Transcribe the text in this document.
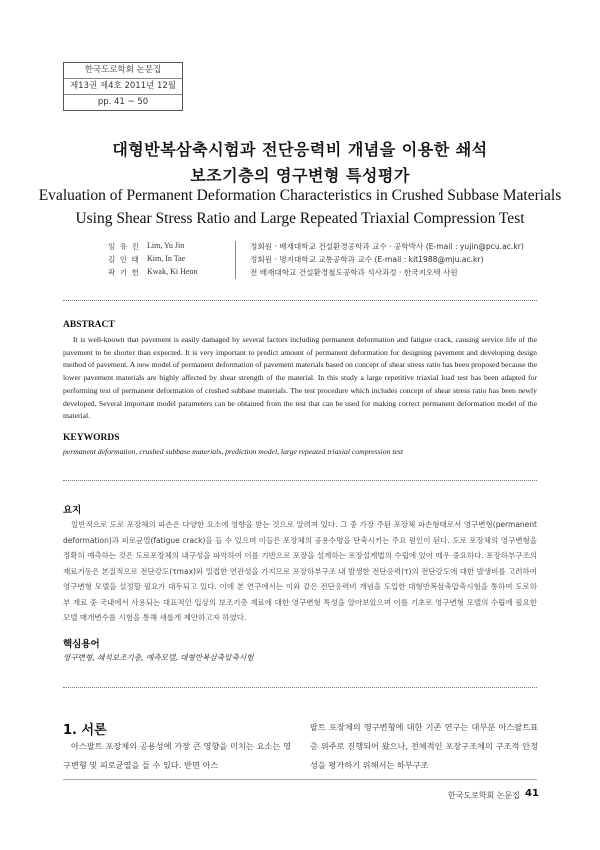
한국도로학회 논문집
제13권 제4호 2011년 12월
pp. 41 ~ 50
대형반복삼축시험과 전단응력비 개념을 이용한 쇄석
보조기층의 영구변형 특성평가
Evaluation of Permanent Deformation Characteristics in Crushed Subbase Materials
Using Shear Stress Ratio and Large Repeated Triaxial Compression Test
임 유 진 Lim, Yu Jin	정회원 · 배재대학교 건설환경공학과 교수 · 공학박사 (E-mail : yujin@pcu.ac.kr)
김 인 태 Kim, In Tae	정회원 · 명지대학교 교통공학과 교수 (E-mail : kit1988@mju.ac.kr)
곽 기 헌 Kwak, Ki Heon	전 배재대학교 건설환경철도공학과 석사과정 · 한국지오텍 사원
ABSTRACT
It is well-known that pavement is easily damaged by several factors including permanent deformation and fatigue crack, causing service life of the pavement to be shorter than expected. It is very important to predict amount of permanent deformation for designing pavement and developing design method of pavement. A new model of permanent deformation of pavement materials based on concept of shear stress ratio has been proposed because the lower pavement materials are highly affected by shear strength of the material. In this study a large repetitive triaxial load test has been adapted for performing test of permanent deformation of crushed subbase materials. The test procedure which includes concept of shear stress ratio has been newly developed. Several important model parameters can be obtained from the test that can be used for making correct permanent deformation model of the material.
KEYWORDS
permanent deformation, crushed subbase materials, prediction model, large repeated triaxial compression test
요지
일반적으로 도로 포장체의 파손은 다양한 요소에 영향을 받는 것으로 알려져 있다. 그 중 가장 주된 포장체 파손형태로서 영구변형(permanent deformation)과 피로균열(fatigue crack)을 들 수 있으며 이들은 포장체의 공용수명을 단축시키는 주요 원인이 된다. 도로 포장체의 영구변형을 정확히 예측하는 것은 도로포장체의 내구성을 파악하여 이를 기반으로 포장을 설계하는 포장설계법의 수립에 있어 매우 중요하다. 포장하부구조의 재료거동은 본질적으로 전단강도(τmax)와 밀접한 연관성을 가지므로 포장하부구조 내 발생한 전단응력(τ)의 전단강도에 대한 발생비를 고려하여 영구변형 모델을 설정할 필요가 대두되고 있다. 이에 본 연구에서는 이와 같은 전단응력비 개념을 도입한 대형반복삼축압축시험을 통하여 도로하부 재료 중 국내에서 사용되는 대표적인 입상의 보조기층 재료에 대한 영구변형 특성을 알아보았으며 이를 기초로 영구변형 모델의 수립에 필요한 모델 매개변수를 시험을 통해 새롭게 제안하고자 하였다.
핵심용어
영구변형, 쇄석보조기층, 예측모델, 대형반복삼축압축시험
1. 서론
아스팔트 포장체의 공용성에 가장 큰 영향을 미치는 요소는 영구변형 및 피로균열을 들 수 있다. 반면 아스
팔트 포장체의 영구변형에 대한 기존 연구는 대부분 아스팔트표층 위주로 진행되어 왔으나, 전체적인 포장구조체의 구조적 안정성을 평가하기 위해서는 하부구조
한국도로학회 논문집 41
